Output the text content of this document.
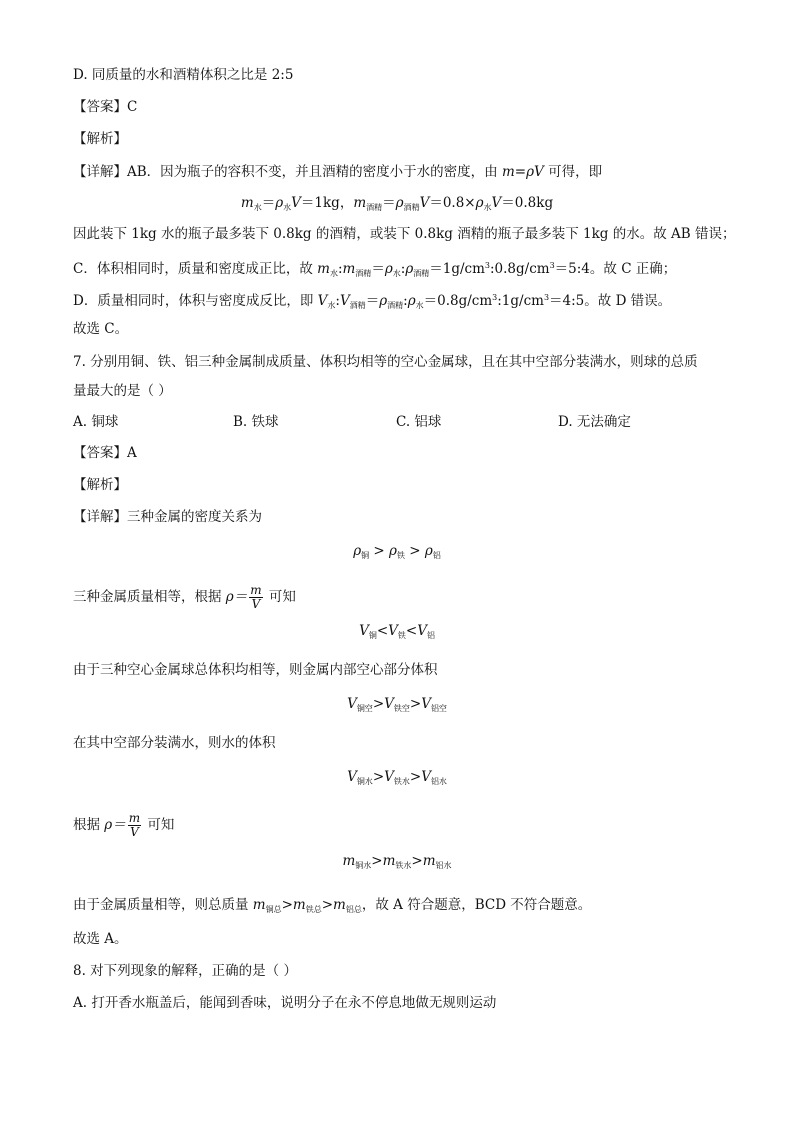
D. 同质量的水和酒精体积之比是 2:5
【答案】C
【解析】
【详解】AB．因为瓶子的容积不变，并且酒精的密度小于水的密度，由 m=ρV 可得，即
$m_水=\rho_水V=1kg$，$m_{酒精}=\rho_{酒精}V=0.8\times\rho_水V=0.8kg$
因此装下 1kg 水的瓶子最多装下 0.8kg 的酒精，或装下 0.8kg 酒精的瓶子最多装下 1kg 的水。故 AB 错误；
C．体积相同时，质量和密度成正比，故 $m_水:m_{酒精}=\rho_水:\rho_{酒精}=1g/cm^3:0.8g/cm^3=5:4$。故 C 正确；
D．质量相同时，体积与密度成反比，即 $V_水:V_{酒精}=\rho_{酒精}:\rho_水=0.8g/cm^3:1g/cm^3=4:5$。故 D 错误。
故选 C。
7. 分别用铜、铁、铝三种金属制成质量、体积均相等的空心金属球，且在其中空部分装满水，则球的总质
量最大的是（ ）
A. 铜球	B. 铁球	C. 铝球	D. 无法确定
【答案】A
【解析】
【详解】三种金属的密度关系为
$\rho_铜 > \rho_铁 > \rho_铝$
三种金属质量相等，根据 $\rho= \frac{m}{V}$ 可知
$V_铜<V_铁<V_铝$
由于三种空心金属球总体积均相等，则金属内部空心部分体积
$V_{铜空}>V_{铁空}>V_{铝空}$
在其中空部分装满水，则水的体积
$V_{铜水}>V_{铁水}>V_{铝水}$
根据 $\rho= \frac{m}{V}$ 可知
$m_{铜水}>m_{铁水}>m_{铝水}$
由于金属质量相等，则总质量 $m_{铜总}>m_{铁总}>m_{铝总}$，故 A 符合题意，BCD 不符合题意。
故选 A。
8. 对下列现象的解释，正确的是（ ）
A. 打开香水瓶盖后，能闻到香味，说明分子在永不停息地做无规则运动
